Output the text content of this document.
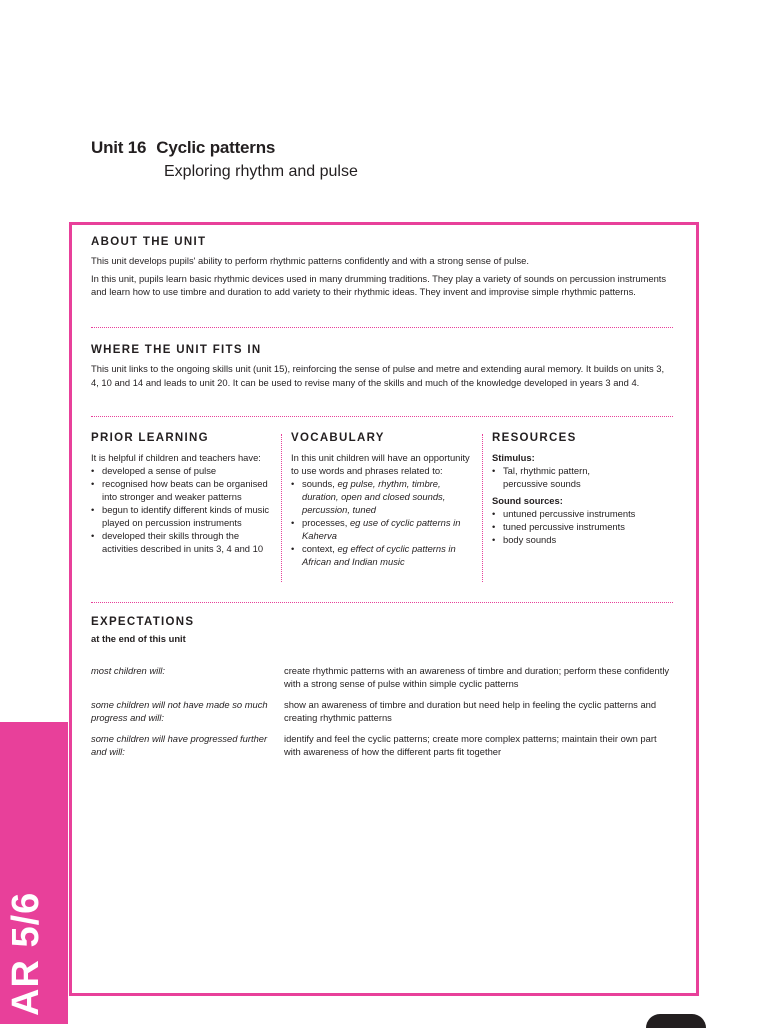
Unit 16 Cyclic patterns
Exploring rhythm and pulse
AR 5/6
ABOUT THE UNIT

This unit develops pupils' ability to perform rhythmic patterns confidently and with a strong sense of pulse.

In this unit, pupils learn basic rhythmic devices used in many drumming traditions. They play a variety of sounds on percussion instruments and learn how to use timbre and duration to add variety to their rhythmic ideas. They invent and improvise simple rhythmic patterns.

WHERE THE UNIT FITS IN

This unit links to the ongoing skills unit (unit 15), reinforcing the sense of pulse and metre and extending aural memory. It builds on units 3, 4, 10 and 14 and leads to unit 20. It can be used to revise many of the skills and much of the knowledge developed in years 3 and 4.

PRIOR LEARNING

It is helpful if children and teachers have:

• developed a sense of pulse
• recognised how beats can be organised into stronger and weaker patterns
• begun to identify different kinds of music played on percussion instruments
• developed their skills through the activities described in units 3, 4 and 10
VOCABULARY

In this unit children will have an opportunity to use words and phrases related to:

• sounds, eg pulse, rhythm, timbre, duration, open and closed sounds, percussion, tuned
• processes, eg use of cyclic patterns in Kaherva
• context, eg effect of cyclic patterns in African and Indian music
RESOURCES
Stimulus:
• Tal, rhythmic pattern, percussive sounds
Sound sources:
• untuned percussive instruments
• tuned percussive instruments
• body sounds
EXPECTATIONS
at the end of this unit
most children will:	create rhythmic patterns with an awareness of timbre and duration; perform these confidently with a strong sense of pulse within simple cyclic patterns
some children will not have made so much progress and will:
show an awareness of timbre and duration but need help in feeling the cyclic patterns and creating rhythmic patterns
some children will have progressed further and will:
identify and feel the cyclic patterns; create more complex patterns; maintain their own part with awareness of how the different parts fit together
